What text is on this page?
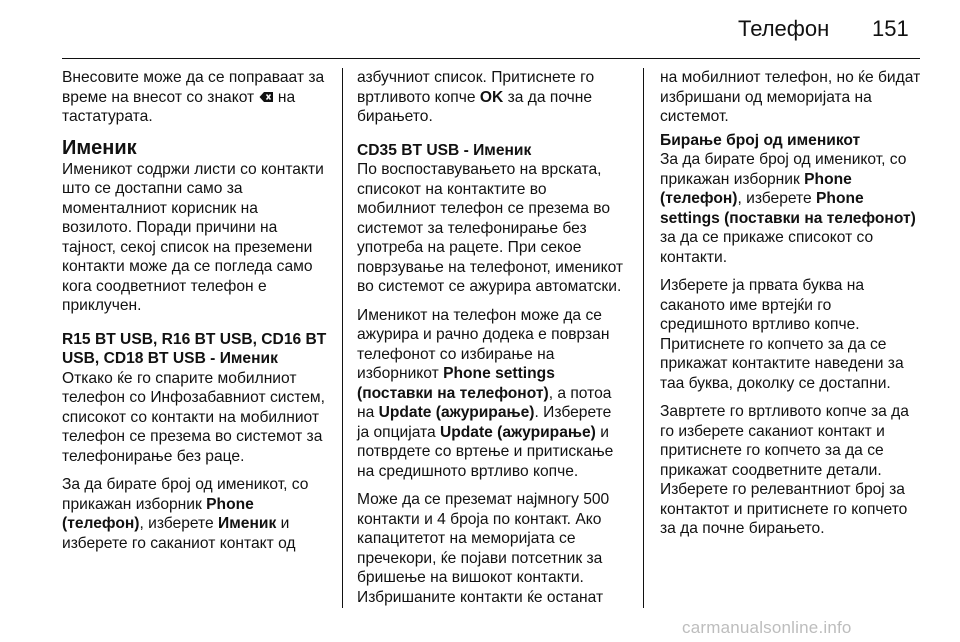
Телефон 151

Внесовите може да се поправаат за време на внесот со знакот  на тастатурата.

Именик

Именикот содржи листи со контакти што се достапни само за моменталниот корисник на возилото. Поради причини на тајност, секој список на преземени контакти може да се погледа само кога соодветниот телефон е приклучен.

R15 BT USB, R16 BT USB, CD16 BT USB, CD18 BT USB - Именик

Откако ќе го спарите мобилниот телефон со Инфозабавниот систем, списокот со контакти на мобилниот телефон се презема во системот за телефонирање без раце.

За да бирате број од именикот, со прикажан изборник Phone (телефон), изберете Именик и изберете го саканиот контакт од

азбучниот список. Притиснете го вртливото копче OK за да почне бирањето.

CD35 BT USB - Именик

По воспоставувањето на врската, списокот на контактите во мобилниот телефон се презема во системот за телефонирање без употреба на рацете. При секое поврзување на телефонот, именикот во системот се ажурира автоматски.

Именикот на телефон може да се ажурира и рачно додека е поврзан телефонот со избирање на изборникот Phone settings (поставки на телефонот), а потоа на Update (ажурирање). Изберете ја опцијата Update (ажурирање) и потврдете со вртење и притискање на средишното вртливо копче.

Може да се преземат најмногу 500 контакти и 4 броја по контакт. Ако капацитетот на меморијата се пречекори, ќе појави потсетник за бришење на вишокот контакти. Избришаните контакти ќе останат

на мобилниот телефон, но ќе бидат избришани од меморијата на системот.

Бирање број од именикот

За да бирате број од именикот, со прикажан изборник Phone (телефон), изберете Phone settings (поставки на телефонот) за да се прикаже списокот со контакти.

Изберете ја првата буква на саканото име вртејќи го средишното вртливо копче. Притиснете го копчето за да се прикажат контактите наведени за таа буква, доколку се достапни.

Завртете го вртливото копче за да го изберете саканиот контакт и притиснете го копчето за да се прикажат соодветните детали. Изберете го релевантниот број за контактот и притиснете го копчето за да почне бирањето.

carmanualsonline.info
